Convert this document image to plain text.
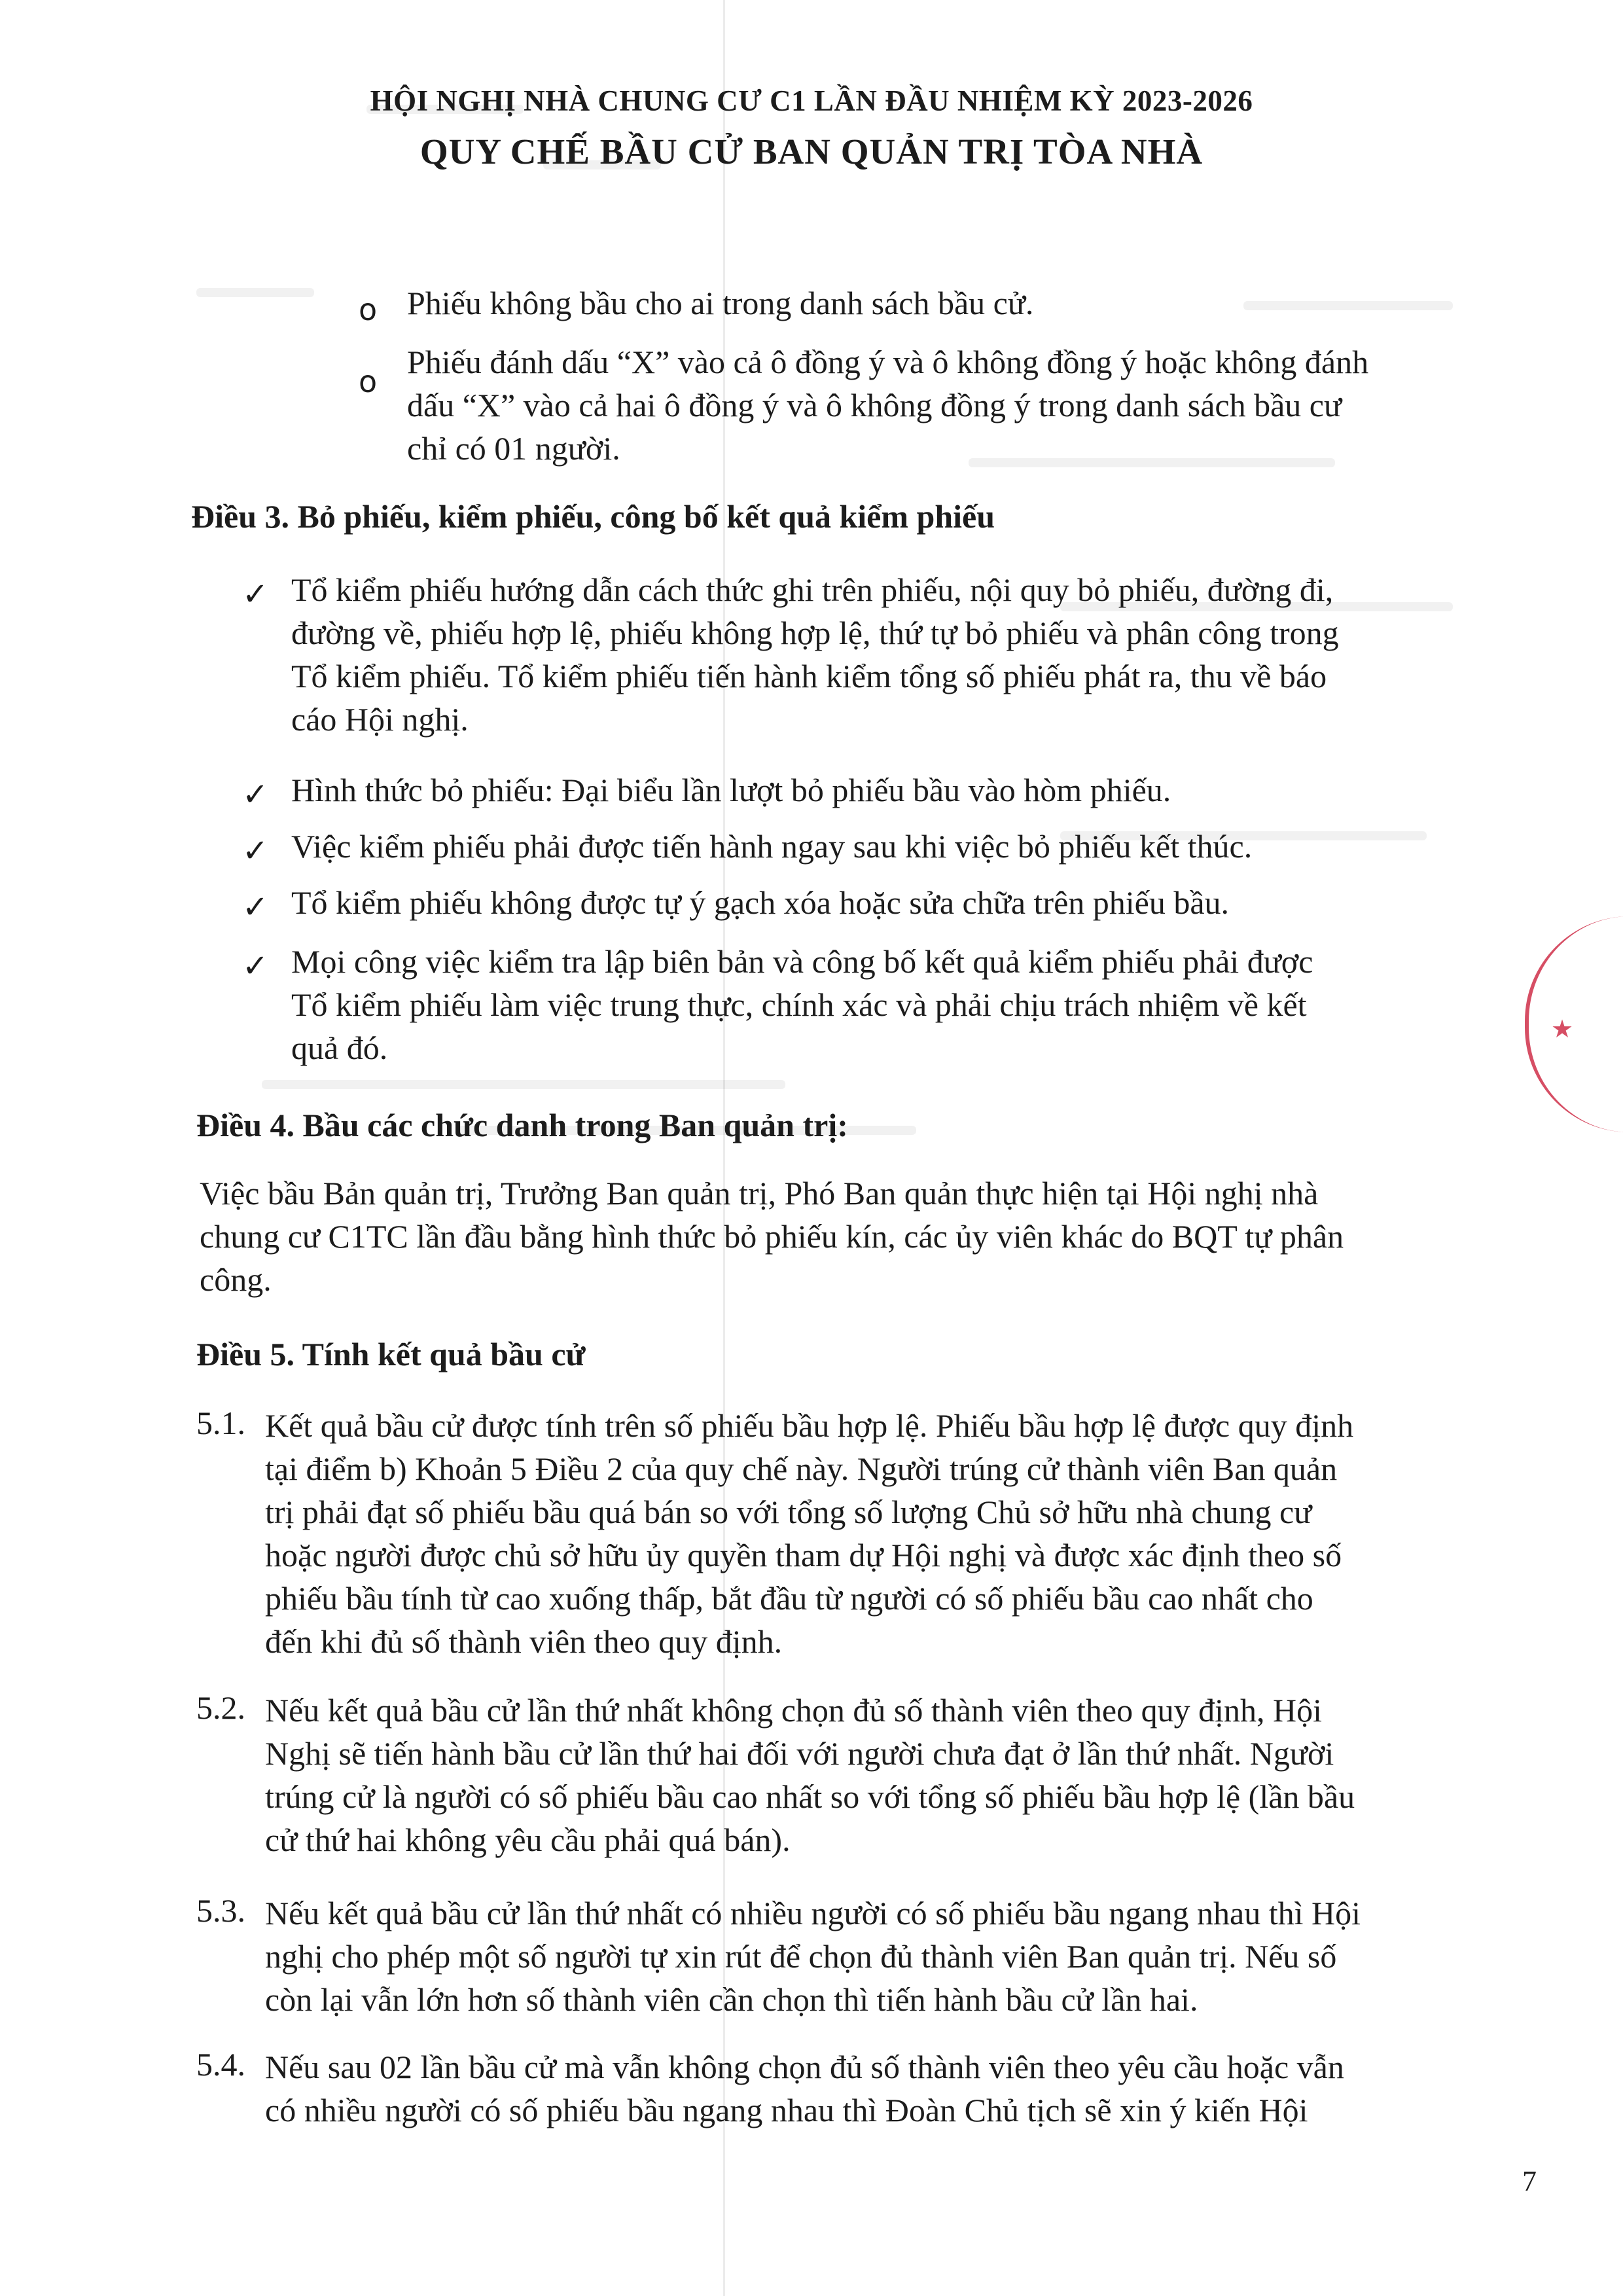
HỘI NGHỊ NHÀ CHUNG CƯ C1 LẦN ĐẦU NHIỆM KỲ 2023-2026
QUY CHẾ BẦU CỬ BAN QUẢN TRỊ TÒA NHÀ
o Phiếu không bầu cho ai trong danh sách bầu cử.
o
Phiếu đánh dấu “X” vào cả ô đồng ý và ô không đồng ý hoặc không đánh
dấu “X” vào cả hai ô đồng ý và ô không đồng ý trong danh sách bầu cư
chỉ có 01 người.
Điều 3. Bỏ phiếu, kiểm phiếu, công bố kết quả kiểm phiếu
✓ Tổ kiểm phiếu hướng dẫn cách thức ghi trên phiếu, nội quy bỏ phiếu, đường đi,
đường về, phiếu hợp lệ, phiếu không hợp lệ, thứ tự bỏ phiếu và phân công trong
Tổ kiểm phiếu. Tổ kiểm phiếu tiến hành kiểm tổng số phiếu phát ra, thu về báo
cáo Hội nghị.
✓ Hình thức bỏ phiếu: Đại biểu lần lượt bỏ phiếu bầu vào hòm phiếu.
✓ Việc kiểm phiếu phải được tiến hành ngay sau khi việc bỏ phiếu kết thúc.
✓ Tổ kiểm phiếu không được tự ý gạch xóa hoặc sửa chữa trên phiếu bầu.
✓ Mọi công việc kiểm tra lập biên bản và công bố kết quả kiểm phiếu phải được
Tổ kiểm phiếu làm việc trung thực, chính xác và phải chịu trách nhiệm về kết
quả đó.
Điều 4. Bầu các chức danh trong Ban quản trị:
Việc bầu Bản quản trị, Trưởng Ban quản trị, Phó Ban quản thực hiện tại Hội nghị nhà
chung cư C1TC lần đầu bằng hình thức bỏ phiếu kín, các ủy viên khác do BQT tự phân
công.
Điều 5. Tính kết quả bầu cử
5.1. Kết quả bầu cử được tính trên số phiếu bầu hợp lệ. Phiếu bầu hợp lệ được quy định
tại điểm b) Khoản 5 Điều 2 của quy chế này. Người trúng cử thành viên Ban quản
trị phải đạt số phiếu bầu quá bán so với tổng số lượng Chủ sở hữu nhà chung cư
hoặc người được chủ sở hữu ủy quyền tham dự Hội nghị và được xác định theo số
phiếu bầu tính từ cao xuống thấp, bắt đầu từ người có số phiếu bầu cao nhất cho
đến khi đủ số thành viên theo quy định.
5.2. Nếu kết quả bầu cử lần thứ nhất không chọn đủ số thành viên theo quy định, Hội
Nghị sẽ tiến hành bầu cử lần thứ hai đối với người chưa đạt ở lần thứ nhất. Người
trúng cử là người có số phiếu bầu cao nhất so với tổng số phiếu bầu hợp lệ (lần bầu
cử thứ hai không yêu cầu phải quá bán).
5.3. Nếu kết quả bầu cử lần thứ nhất có nhiều người có số phiếu bầu ngang nhau thì Hội
nghị cho phép một số người tự xin rút để chọn đủ thành viên Ban quản trị. Nếu số
còn lại vẫn lớn hơn số thành viên cần chọn thì tiến hành bầu cử lần hai.
5.4. Nếu sau 02 lần bầu cử mà vẫn không chọn đủ số thành viên theo yêu cầu hoặc vẫn
có nhiều người có số phiếu bầu ngang nhau thì Đoàn Chủ tịch sẽ xin ý kiến Hội
7
★
